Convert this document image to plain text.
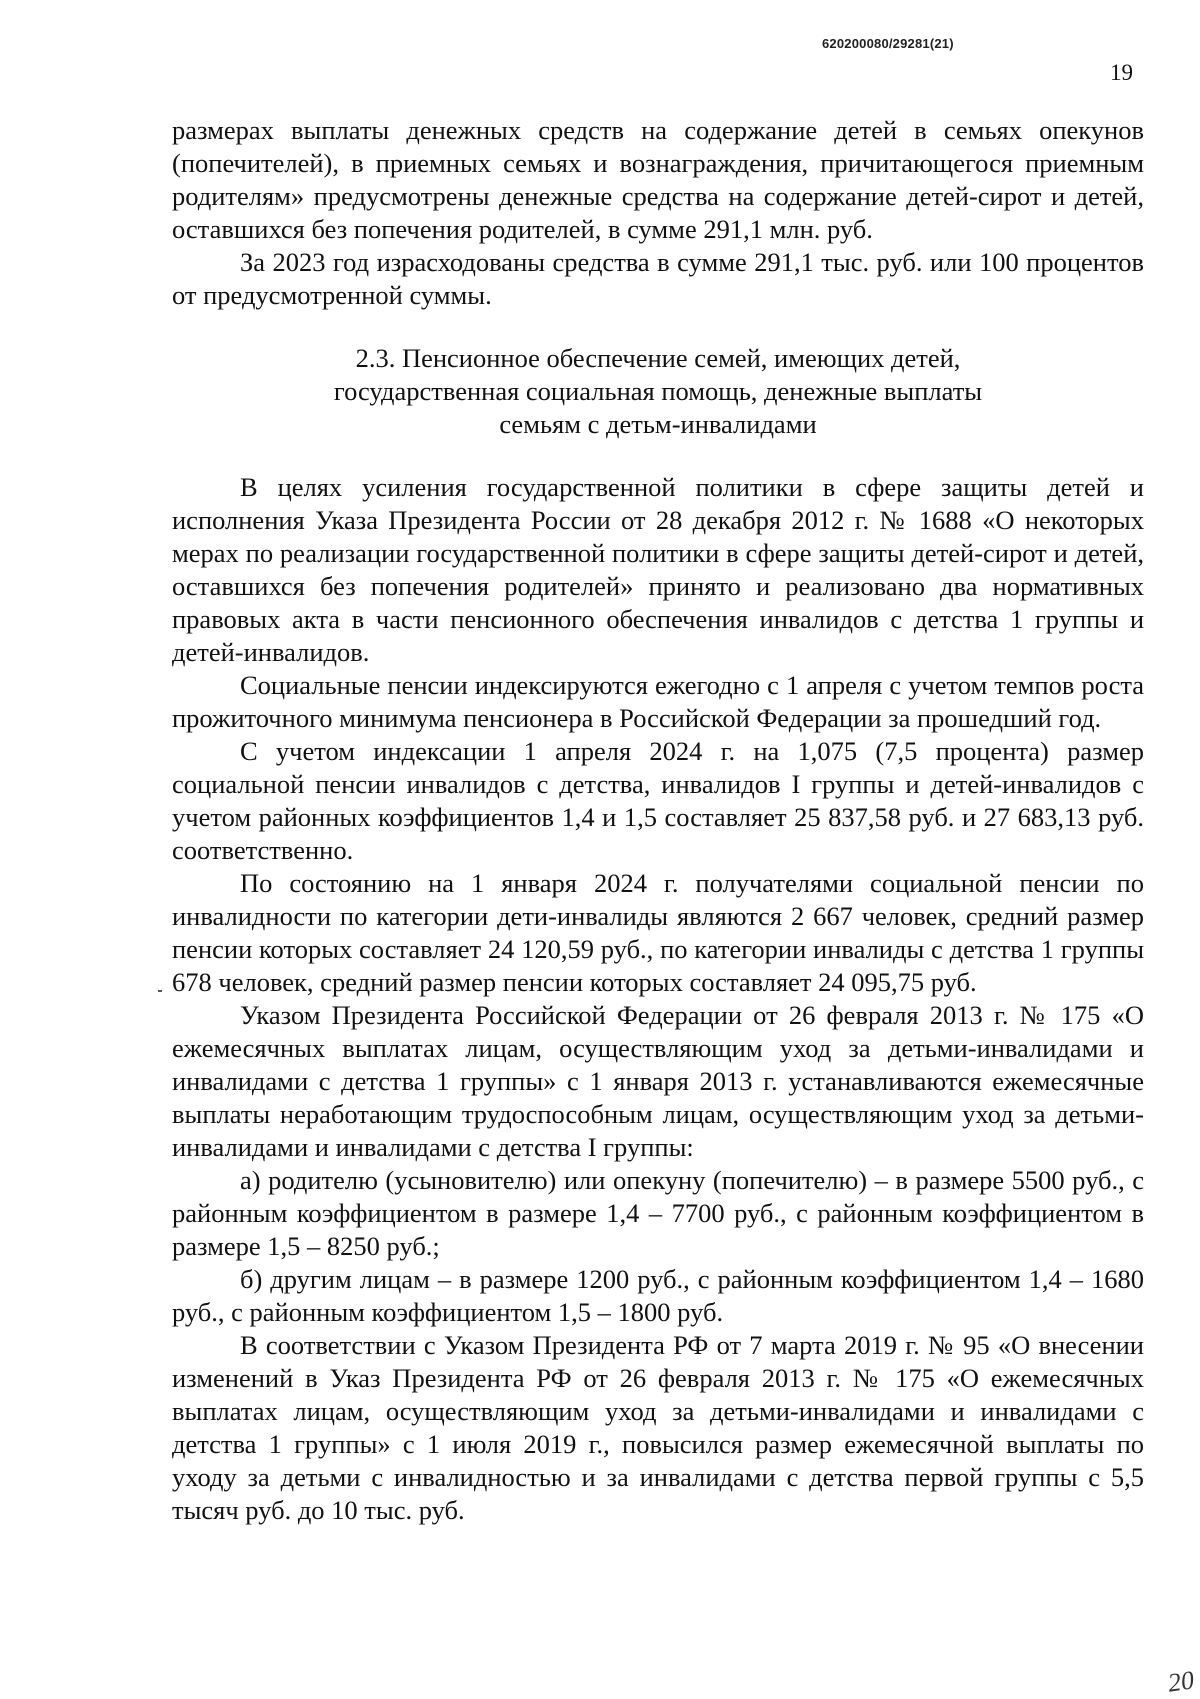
620200080/29281(21)
19

размерах выплаты денежных средств на содержание детей в семьях опекунов (попечителей), в приемных семьях и вознаграждения, причитающегося приемным родителям» предусмотрены денежные средства на содержание детей-сирот и детей, оставшихся без попечения родителей, в сумме 291,1 млн. руб.

За 2023 год израсходованы средства в сумме 291,1 тыс. руб. или 100 процентов от предусмотренной суммы.

2.3. Пенсионное обеспечение семей, имеющих детей,
государственная социальная помощь, денежные выплаты
семьям с детьм-инвалидами

В целях усиления государственной политики в сфере защиты детей и исполнения Указа Президента России от 28 декабря 2012 г. № 1688 «О некоторых мерах по реализации государственной политики в сфере защиты детей-сирот и детей, оставшихся без попечения родителей» принято и реализовано два нормативных правовых акта в части пенсионного обеспечения инвалидов с детства 1 группы и детей-инвалидов.

Социальные пенсии индексируются ежегодно с 1 апреля с учетом темпов роста прожиточного минимума пенсионера в Российской Федерации за прошедший год.

С учетом индексации 1 апреля 2024 г. на 1,075 (7,5 процента) размер социальной пенсии инвалидов с детства, инвалидов I группы и детей-инвалидов с учетом районных коэффициентов 1,4 и 1,5 составляет 25 837,58 руб. и 27 683,13 руб. соответственно.

По состоянию на 1 января 2024 г. получателями социальной пенсии по инвалидности по категории дети-инвалиды являются 2 667 человек, средний размер пенсии которых составляет 24 120,59 руб., по категории инвалиды с детства 1 группы 678 человек, средний размер пенсии которых составляет 24 095,75 руб.

Указом Президента Российской Федерации от 26 февраля 2013 г. № 175 «О ежемесячных выплатах лицам, осуществляющим уход за детьми-инвалидами и инвалидами с детства 1 группы» с 1 января 2013 г. устанавливаются ежемесячные выплаты неработающим трудоспособным лицам, осуществляющим уход за детьми-инвалидами и инвалидами с детства I группы:

а) родителю (усыновителю) или опекуну (попечителю) – в размере 5500 руб., с районным коэффициентом в размере 1,4 – 7700 руб., с районным коэффициентом в размере 1,5 – 8250 руб.;

б) другим лицам – в размере 1200 руб., с районным коэффициентом 1,4 – 1680 руб., с районным коэффициентом 1,5 – 1800 руб.

В соответствии с Указом Президента РФ от 7 марта 2019 г. № 95 «О внесении изменений в Указ Президента РФ от 26 февраля 2013 г. № 175 «О ежемесячных выплатах лицам, осуществляющим уход за детьми-инвалидами и инвалидами с детства 1 группы» с 1 июля 2019 г., повысился размер ежемесячной выплаты по уходу за детьми с инвалидностью и за инвалидами с детства первой группы с 5,5 тысяч руб. до 10 тыс. руб.

20
